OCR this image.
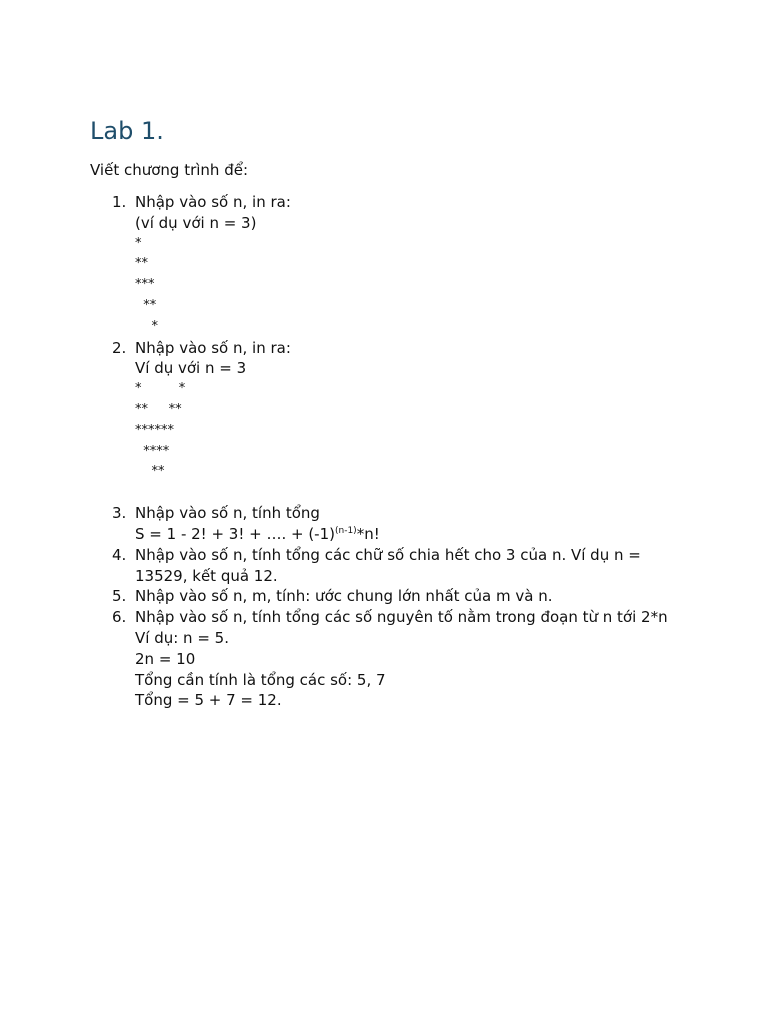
Lab 1.

Viết chương trình để:

1. Nhập vào số n, in ra:
(ví dụ với n = 3)
*
**
***
**
*
2. Nhập vào số n, in ra:
Ví dụ với n = 3
*         *
**     **
******
****
**
3. Nhập vào số n, tính tổng
S = 1 - 2! + 3! + …. + $(-1)^{(n-1)}*n$!
4. Nhập vào số n, tính tổng các chữ số chia hết cho 3 của n. Ví dụ n =
13529, kết quả 12.
5. Nhập vào số n, m, tính: ước chung lớn nhất của m và n.
6. Nhập vào số n, tính tổng các số nguyên tố nằm trong đoạn từ n tới 2*n
Ví dụ: n = 5.
2n = 10
Tổng cần tính là tổng các số: 5, 7
Tổng = 5 + 7 = 12.
